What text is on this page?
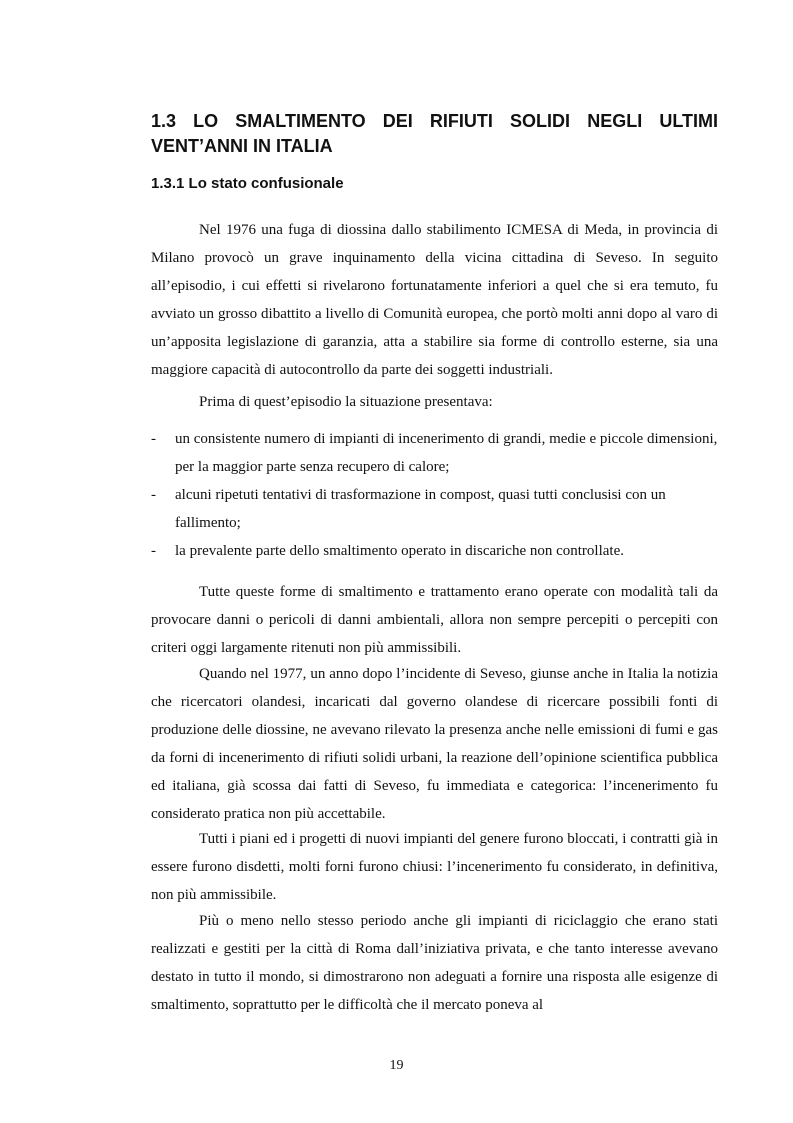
1.3 LO SMALTIMENTO DEI RIFIUTI SOLIDI NEGLI ULTIMI VENT’ANNI IN ITALIA
1.3.1 Lo stato confusionale

Nel 1976 una fuga di diossina dallo stabilimento ICMESA di Meda, in provincia di Milano provocò un grave inquinamento della vicina cittadina di Seveso. In seguito all’episodio, i cui effetti si rivelarono fortunatamente inferiori a quel che si era temuto, fu avviato un grosso dibattito a livello di Comunità europea, che portò molti anni dopo al varo di un’apposita legislazione di garanzia, atta a stabilire sia forme di controllo esterne, sia una maggiore capacità di autocontrollo da parte dei soggetti industriali.

Prima di quest’episodio la situazione presentava:

- un consistente numero di impianti di incenerimento di grandi, medie e piccole dimensioni, per la maggior parte senza recupero di calore;
- alcuni ripetuti tentativi di trasformazione in compost, quasi tutti conclusisi con un fallimento;
- la prevalente parte dello smaltimento operato in discariche non controllate.

Tutte queste forme di smaltimento e trattamento erano operate con modalità tali da provocare danni o pericoli di danni ambientali, allora non sempre percepiti o percepiti con criteri oggi largamente ritenuti non più ammissibili.

Quando nel 1977, un anno dopo l’incidente di Seveso, giunse anche in Italia la notizia che ricercatori olandesi, incaricati dal governo olandese di ricercare possibili fonti di produzione delle diossine, ne avevano rilevato la presenza anche nelle emissioni di fumi e gas da forni di incenerimento di rifiuti solidi urbani, la reazione dell’opinione scientifica pubblica ed italiana, già scossa dai fatti di Seveso, fu immediata e categorica: l’incenerimento fu considerato pratica non più accettabile.

Tutti i piani ed i progetti di nuovi impianti del genere furono bloccati, i contratti già in essere furono disdetti, molti forni furono chiusi: l’incenerimento fu considerato, in definitiva, non più ammissibile.

Più o meno nello stesso periodo anche gli impianti di riciclaggio che erano stati realizzati e gestiti per la città di Roma dall’iniziativa privata, e che tanto interesse avevano destato in tutto il mondo, si dimostrarono non adeguati a fornire una risposta alle esigenze di smaltimento, soprattutto per le difficoltà che il mercato poneva al

19
